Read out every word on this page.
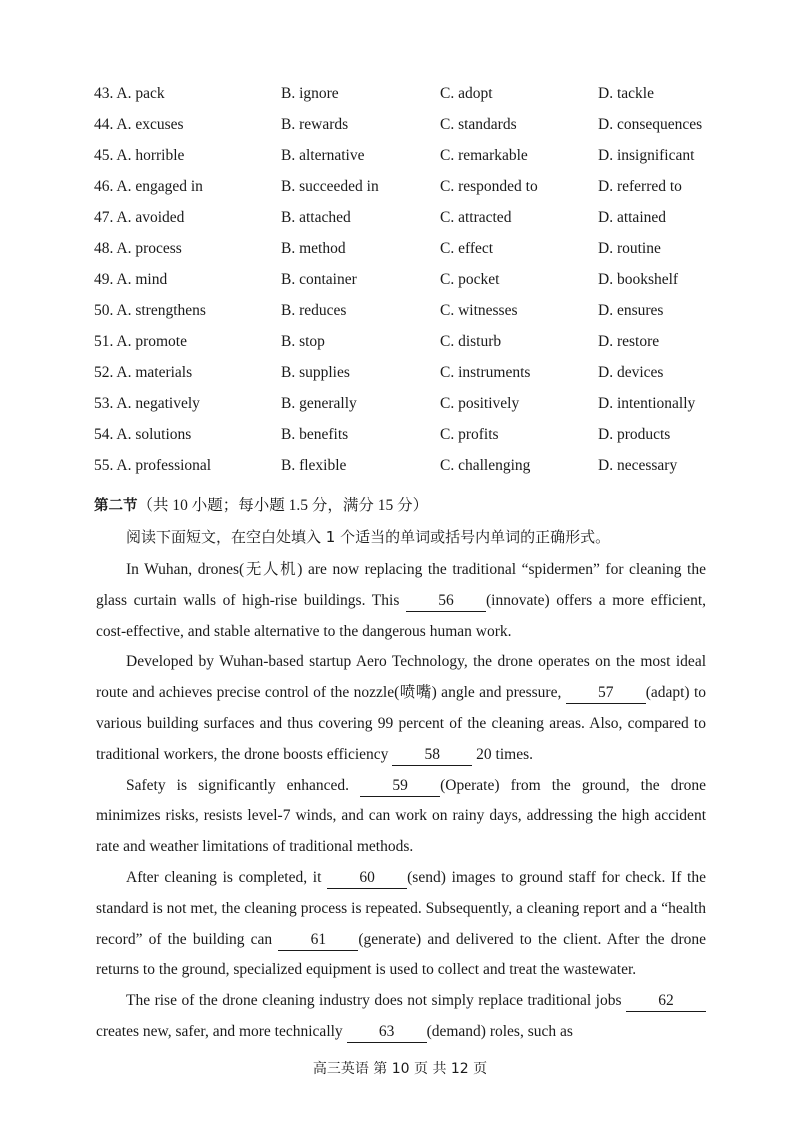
43. A. pack	B. ignore	C. adopt	D. tackle
44. A. excuses	B. rewards	C. standards	D. consequences
45. A. horrible	B. alternative	C. remarkable	D. insignificant
46. A. engaged in	B. succeeded in	C. responded to	D. referred to
47. A. avoided	B. attached	C. attracted	D. attained
48. A. process	B. method	C. effect	D. routine
49. A. mind	B. container	C. pocket	D. bookshelf
50. A. strengthens	B. reduces	C. witnesses	D. ensures
51. A. promote	B. stop	C. disturb	D. restore
52. A. materials	B. supplies	C. instruments	D. devices
53. A. negatively	B. generally	C. positively	D. intentionally
54. A. solutions	B. benefits	C. profits	D. products
55. A. professional	B. flexible	C. challenging	D. necessary
第二节（共 10 小题；每小题 1.5 分，满分 15 分）
阅读下面短文，在空白处填入 1 个适当的单词或括号内单词的正确形式。

In Wuhan, drones(无人机) are now replacing the traditional “spidermen” for cleaning the glass curtain walls of high-rise buildings. This 56 (innovate) offers a more efficient, cost-effective, and stable alternative to the dangerous human work.

Developed by Wuhan-based startup Aero Technology, the drone operates on the most ideal route and achieves precise control of the nozzle(喷嘴) angle and pressure, 57 (adapt) to various building surfaces and thus covering 99 percent of the cleaning areas. Also, compared to traditional workers, the drone boosts efficiency 58 20 times.

Safety is significantly enhanced. 59 (Operate) from the ground, the drone minimizes risks, resists level-7 winds, and can work on rainy days, addressing the high accident rate and weather limitations of traditional methods.

After cleaning is completed, it 60 (send) images to ground staff for check. If the standard is not met, the cleaning process is repeated. Subsequently, a cleaning report and a “health record” of the building can 61 (generate) and delivered to the client. After the drone returns to the ground, specialized equipment is used to collect and treat the wastewater.

The rise of the drone cleaning industry does not simply replace traditional jobs 62 creates new, safer, and more technically 63 (demand) roles, such as

高三英语 第 10 页 共 12 页
